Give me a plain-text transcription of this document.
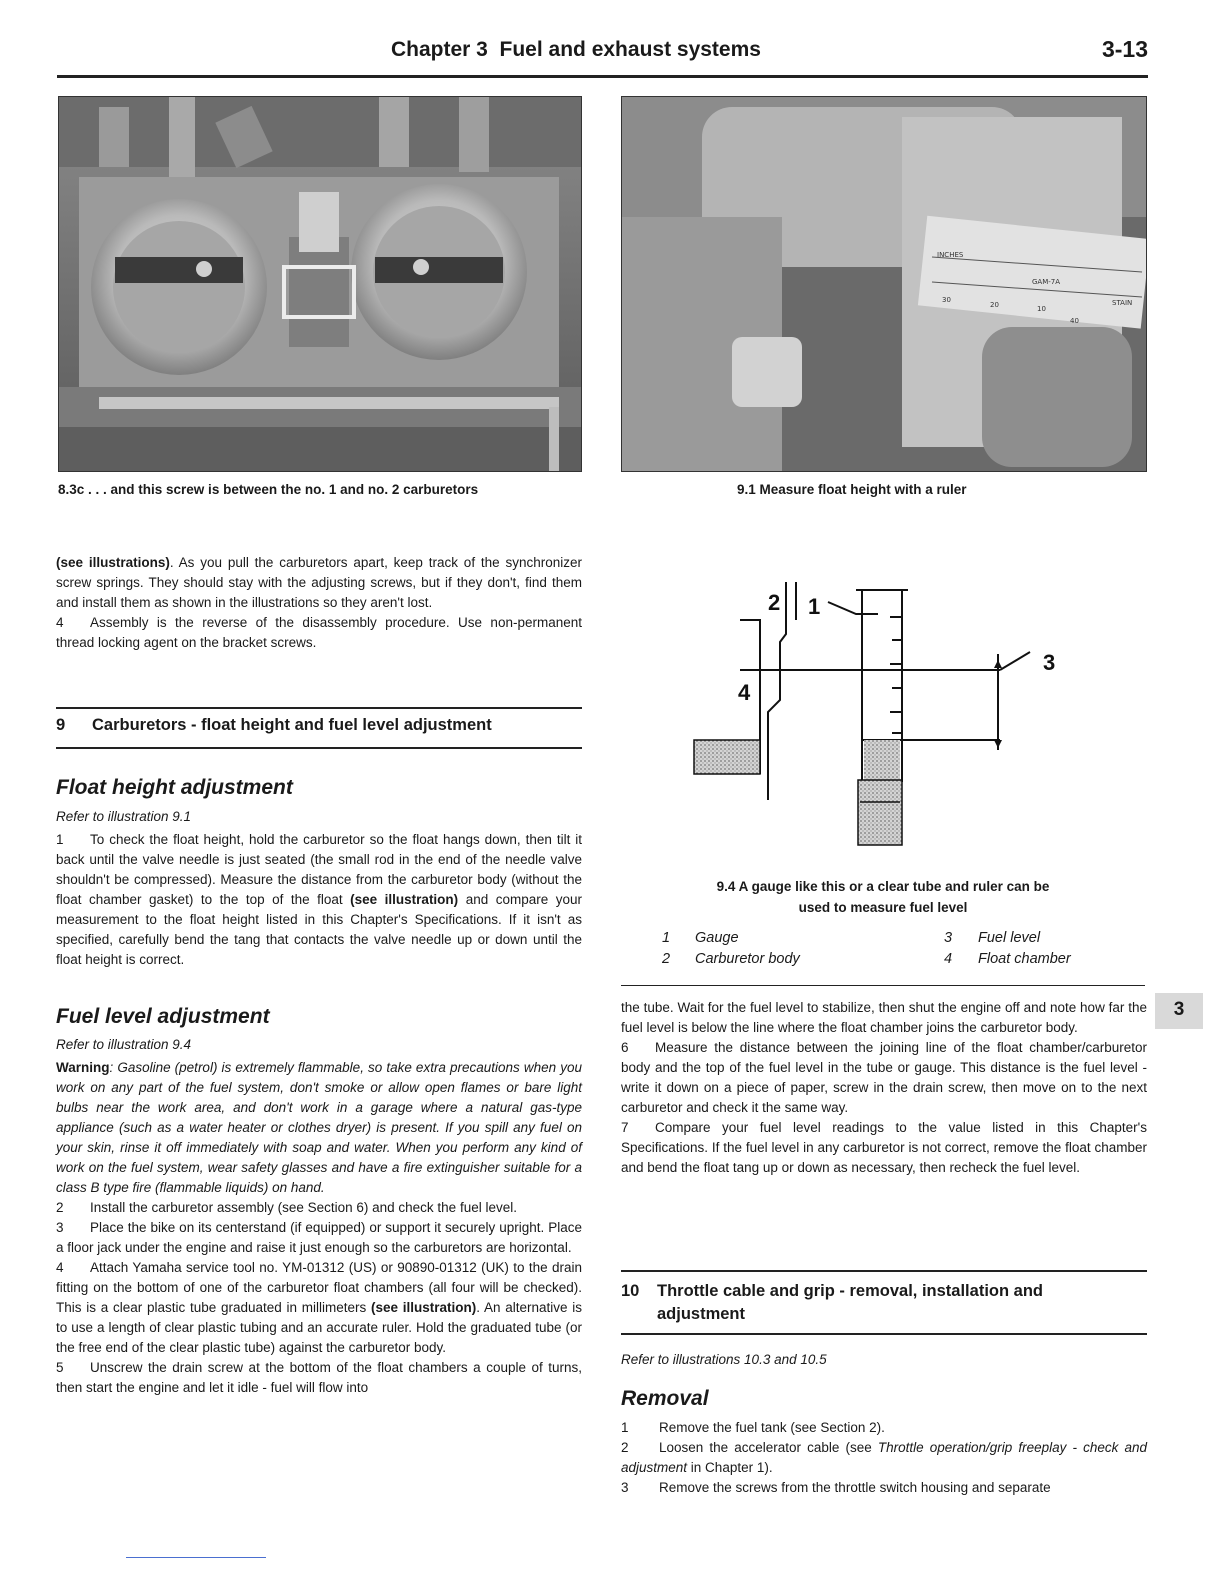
Chapter 3  Fuel and exhaust systems	3-13
8.3c . . . and this screw is between the no. 1 and no. 2 carburetors
INCHES
GAM-7A
30
20	10
40
STAIN
9.1 Measure float height with a ruler

(see illustrations). As you pull the carburetors apart, keep track of the synchronizer screw springs. They should stay with the adjusting screws, but if they don't, find them and install them as shown in the illustrations so they aren't lost.

4 Assembly is the reverse of the disassembly procedure. Use non-permanent thread locking agent on the bracket screws.

9 Carburetors - float height and fuel level adjustment
Float height adjustment
Refer to illustration 9.1

1 To check the float height, hold the carburetor so the float hangs down, then tilt it back until the valve needle is just seated (the small rod in the end of the needle valve shouldn't be compressed). Measure the distance from the carburetor body (without the float chamber gasket) to the top of the float (see illustration) and compare your measurement to the float height listed in this Chapter's Specifications. If it isn't as specified, carefully bend the tang that contacts the valve needle up or down until the float height is correct.

Fuel level adjustment
Refer to illustration 9.4

Warning: Gasoline (petrol) is extremely flammable, so take extra precautions when you work on any part of the fuel system, don't smoke or allow open flames or bare light bulbs near the work area, and don't work in a garage where a natural gas-type appliance (such as a water heater or clothes dryer) is present. If you spill any fuel on your skin, rinse it off immediately with soap and water. When you perform any kind of work on the fuel system, wear safety glasses and have a fire extinguisher suitable for a class B type fire (flammable liquids) on hand.

2 Install the carburetor assembly (see Section 6) and check the fuel level.

3 Place the bike on its centerstand (if equipped) or support it securely upright. Place a floor jack under the engine and raise it just enough so the carburetors are horizontal.

4 Attach Yamaha service tool no. YM-01312 (US) or 90890-01312 (UK) to the drain fitting on the bottom of one of the carburetor float chambers (all four will be checked). This is a clear plastic tube graduated in millimeters (see illustration). An alternative is to use a length of clear plastic tubing and an accurate ruler. Hold the graduated tube (or the free end of the clear plastic tube) against the carburetor body.

5 Unscrew the drain screw at the bottom of the float chambers a couple of turns, then start the engine and let it idle - fuel will flow into

2 1
3
4
9.4 A gauge like this or a clear tube and ruler can be
used to measure fuel level
1 Gauge
2 Carburetor body
3 Fuel level
4 Float chamber

the tube. Wait for the fuel level to stabilize, then shut the engine off and note how far the fuel level is below the line where the float chamber joins the carburetor body.

6 Measure the distance between the joining line of the float chamber/carburetor body and the top of the fuel level in the tube or gauge. This distance is the fuel level - write it down on a piece of paper, screw in the drain screw, then move on to the next carburetor and check it the same way.

7 Compare your fuel level readings to the value listed in this Chapter's Specifications. If the fuel level in any carburetor is not correct, remove the float chamber and bend the float tang up or down as necessary, then recheck the fuel level.

10	Throttle cable and grip - removal, installation and adjustment
Refer to illustrations 10.3 and 10.5
Removal

1 Remove the fuel tank (see Section 2).

2 Loosen the accelerator cable (see Throttle operation/grip freeplay - check and adjustment in Chapter 1).

3 Remove the screws from the throttle switch housing and separate

3
